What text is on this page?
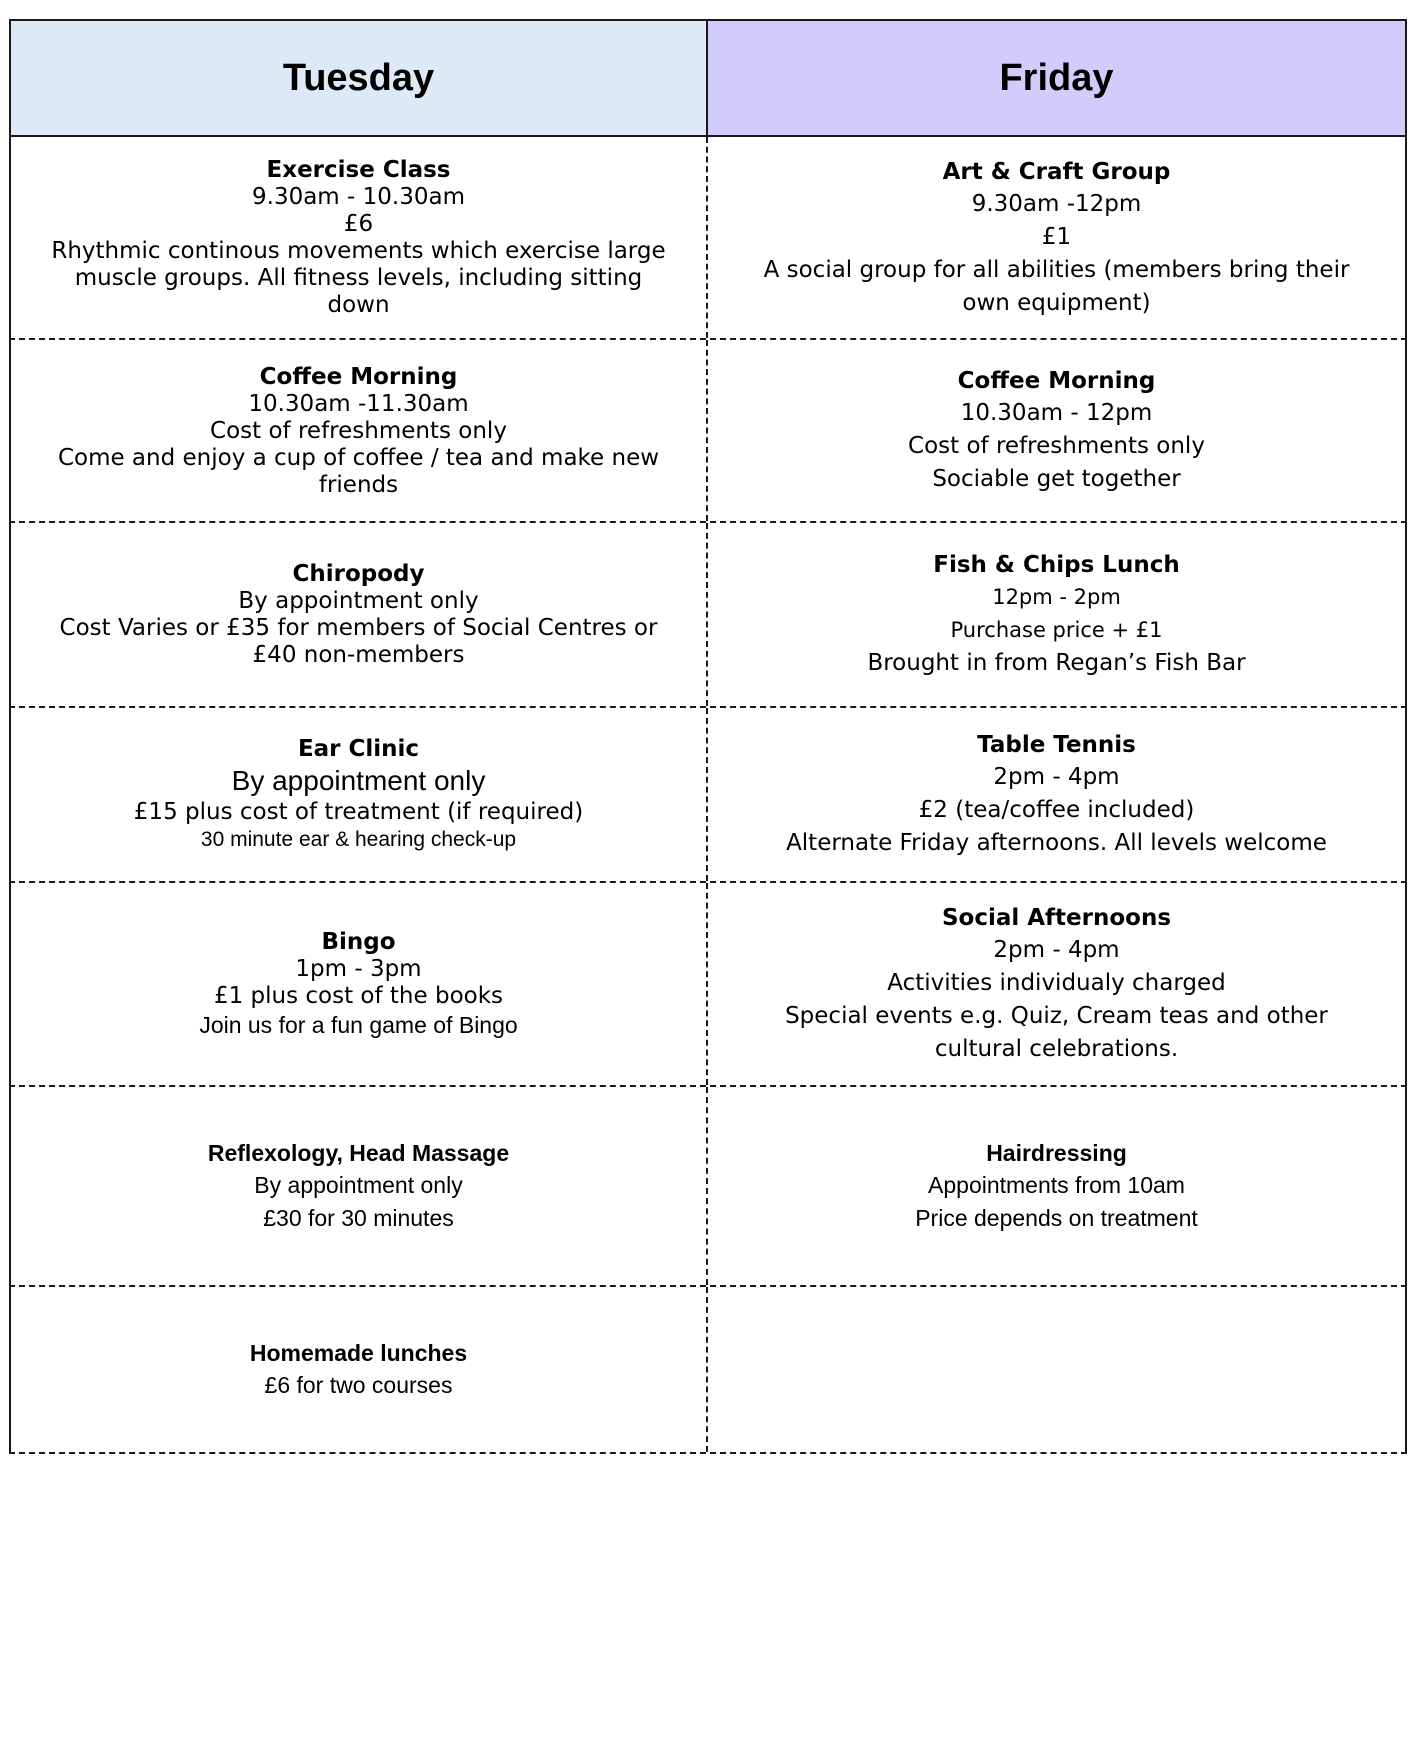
Tuesday	Friday
Exercise Class
9.30am - 10.30am
£6
Rhythmic continous movements which exercise large muscle groups. All fitness levels, including sitting down
Art & Craft Group
9.30am -12pm
£1
A social group for all abilities (members bring their own equipment)
Coffee Morning
10.30am -11.30am
Cost of refreshments only
Come and enjoy a cup of coffee / tea and make new friends
Coffee Morning
10.30am - 12pm
Cost of refreshments only
Sociable get together
Chiropody
By appointment only
Cost Varies or £35 for members of Social Centres or £40 non-members
Fish & Chips Lunch
12pm - 2pm
Purchase price + £1
Brought in from Regan’s Fish Bar
Ear Clinic
By appointment only
£15 plus cost of treatment (if required)
30 minute ear & hearing check-up
Table Tennis
2pm - 4pm
£2 (tea/coffee included)
Alternate Friday afternoons. All levels welcome
Bingo
1pm - 3pm
£1 plus cost of the books
Join us for a fun game of Bingo
Social Afternoons
2pm - 4pm
Activities individualy charged
Special events e.g. Quiz, Cream teas and other cultural celebrations.
Reflexology, Head Massage
By appointment only
£30 for 30 minutes
Hairdressing
Appointments from 10am
Price depends on treatment
Homemade lunches
£6 for two courses
